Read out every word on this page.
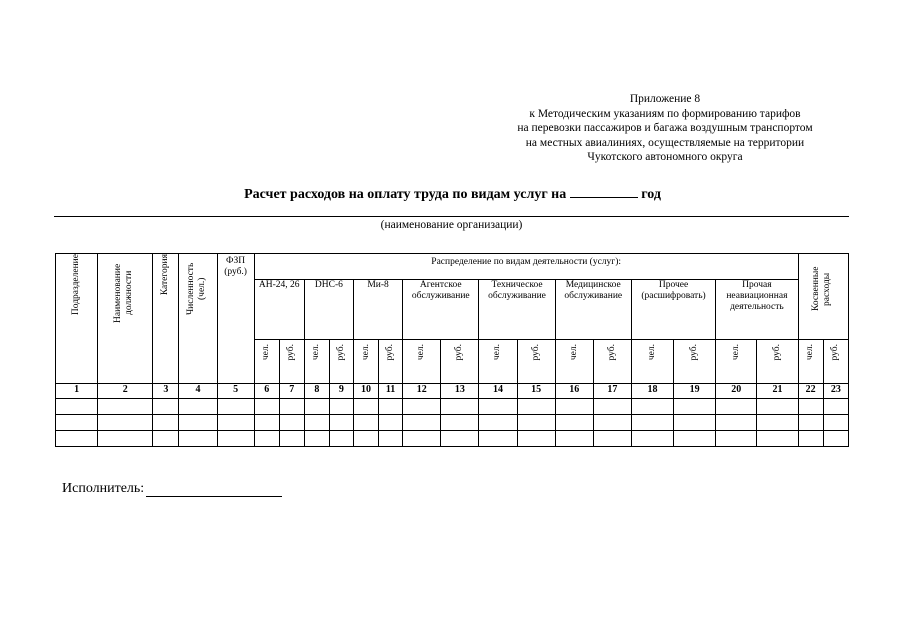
Приложение 8
к Методическим указаниям по формированию тарифов
на перевозки пассажиров и багажа воздушным транспортом
на местных авиалиниях, осуществляемые на территории
Чукотского автономного округа
Расчет расходов на оплату труда по видам услуг на	год
(наименование организации)
Подразделение	Наименование должности	Категория	Численность (чел.)	ФЗП (руб.)	Распределение по видам деятельности (услуг):																Косвенные расходы	
					АН-24, 26		DHC-6		Ми-8		Агентское обслуживание		Техническое обслуживание		Медицинское обслуживание		Прочее (расшифровать)		Прочая неавиационная деятельность			
					чел.	руб.	чел.	руб.	чел.	руб.	чел.	руб.	чел.	руб.	чел.	руб.	чел.	руб.	чел.	руб.	чел.	руб.
1	2	3	4	5	6	7	8	9	10	11	12	13	14	15	16	17	18	19	20	21	22	23

Исполнитель:
